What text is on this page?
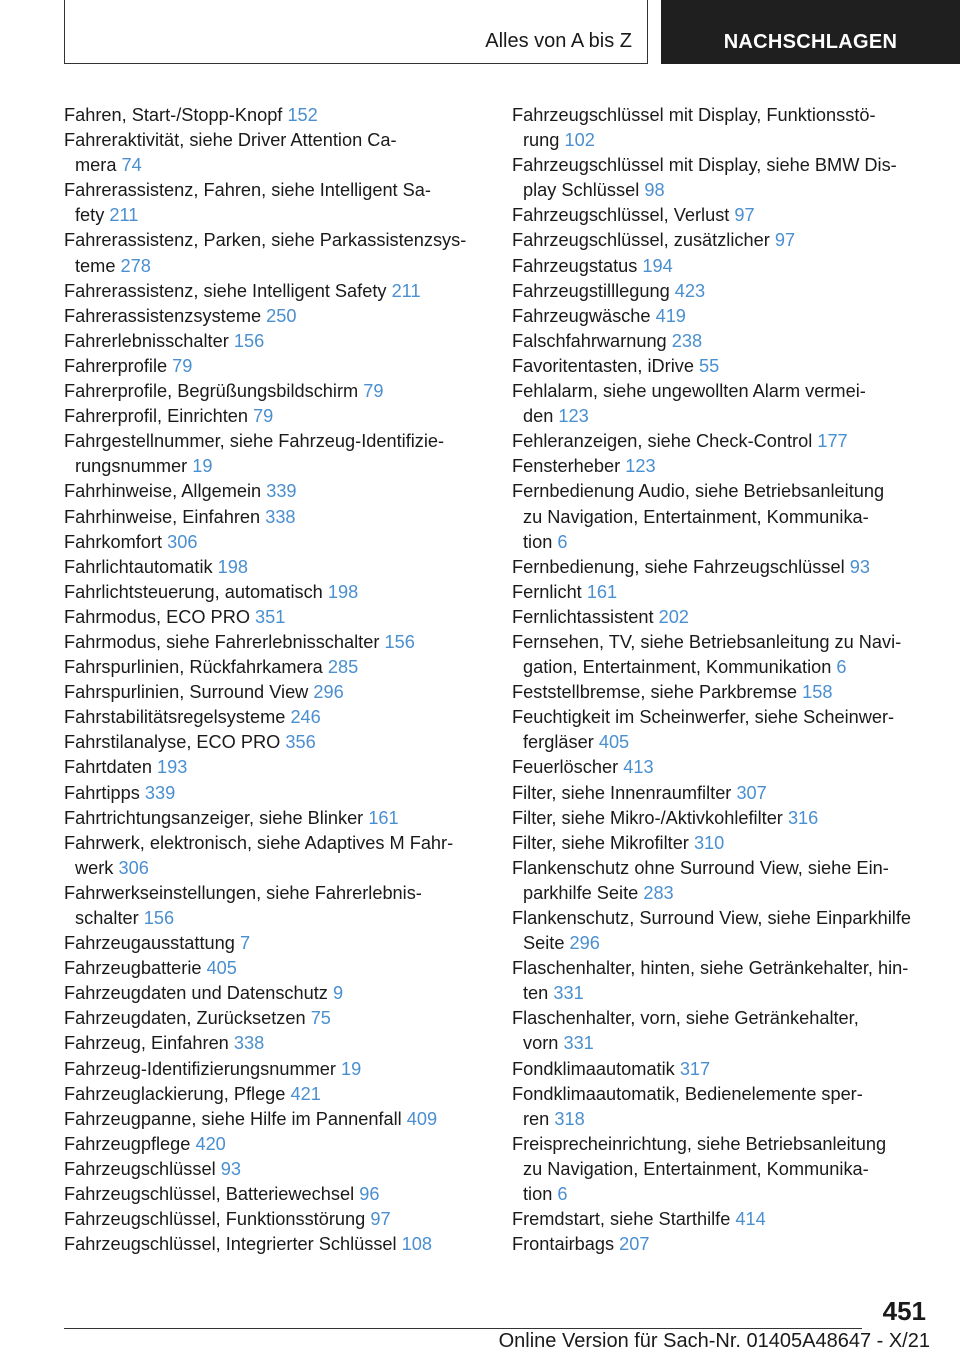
Alles von A bis Z	NACHSCHLAGEN
Fahren, Start-/Stopp-Knopf 152
Fahreraktivität, siehe Driver Attention Ca-
mera 74
Fahrerassistenz, Fahren, siehe Intelligent Sa-
fety 211
Fahrerassistenz, Parken, siehe Parkassistenzsys-
teme 278
Fahrerassistenz, siehe Intelligent Safety 211
Fahrerassistenzsysteme 250
Fahrerlebnisschalter 156
Fahrerprofile 79
Fahrerprofile, Begrüßungsbildschirm 79
Fahrerprofil, Einrichten 79
Fahrgestellnummer, siehe Fahrzeug-Identifizie-
rungsnummer 19
Fahrhinweise, Allgemein 339
Fahrhinweise, Einfahren 338
Fahrkomfort 306
Fahrlichtautomatik 198
Fahrlichtsteuerung, automatisch 198
Fahrmodus, ECO PRO 351
Fahrmodus, siehe Fahrerlebnisschalter 156
Fahrspurlinien, Rückfahrkamera 285
Fahrspurlinien, Surround View 296
Fahrstabilitätsregelsysteme 246
Fahrstilanalyse, ECO PRO 356
Fahrtdaten 193
Fahrtipps 339
Fahrtrichtungsanzeiger, siehe Blinker 161
Fahrwerk, elektronisch, siehe Adaptives M Fahr-
werk 306
Fahrwerkseinstellungen, siehe Fahrerlebnis-
schalter 156
Fahrzeugausstattung 7
Fahrzeugbatterie 405
Fahrzeugdaten und Datenschutz 9
Fahrzeugdaten, Zurücksetzen 75
Fahrzeug, Einfahren 338
Fahrzeug-Identifizierungsnummer 19
Fahrzeuglackierung, Pflege 421
Fahrzeugpanne, siehe Hilfe im Pannenfall 409
Fahrzeugpflege 420
Fahrzeugschlüssel 93
Fahrzeugschlüssel, Batteriewechsel 96
Fahrzeugschlüssel, Funktionsstörung 97
Fahrzeugschlüssel, Integrierter Schlüssel 108
Fahrzeugschlüssel mit Display, Funktionsstö-
rung 102
Fahrzeugschlüssel mit Display, siehe BMW Dis-
play Schlüssel 98
Fahrzeugschlüssel, Verlust 97
Fahrzeugschlüssel, zusätzlicher 97
Fahrzeugstatus 194
Fahrzeugstilllegung 423
Fahrzeugwäsche 419
Falschfahrwarnung 238
Favoritentasten, iDrive 55
Fehlalarm, siehe ungewollten Alarm vermei-
den 123
Fehleranzeigen, siehe Check-Control 177
Fensterheber 123
Fernbedienung Audio, siehe Betriebsanleitung
zu Navigation, Entertainment, Kommunika-
tion 6
Fernbedienung, siehe Fahrzeugschlüssel 93
Fernlicht 161
Fernlichtassistent 202
Fernsehen, TV, siehe Betriebsanleitung zu Navi-
gation, Entertainment, Kommunikation 6
Feststellbremse, siehe Parkbremse 158
Feuchtigkeit im Scheinwerfer, siehe Scheinwer-
fergläser 405
Feuerlöscher 413
Filter, siehe Innenraumfilter 307
Filter, siehe Mikro-/Aktivkohlefilter 316
Filter, siehe Mikrofilter 310
Flankenschutz ohne Surround View, siehe Ein-
parkhilfe Seite 283
Flankenschutz, Surround View, siehe Einparkhilfe
Seite 296
Flaschenhalter, hinten, siehe Getränkehalter, hin-
ten 331
Flaschenhalter, vorn, siehe Getränkehalter,
vorn 331
Fondklimaautomatik 317
Fondklimaautomatik, Bedienelemente sper-
ren 318
Freisprecheinrichtung, siehe Betriebsanleitung
zu Navigation, Entertainment, Kommunika-
tion 6
Fremdstart, siehe Starthilfe 414
Frontairbags 207
451
Online Version für Sach-Nr. 01405A48647 - X/21
